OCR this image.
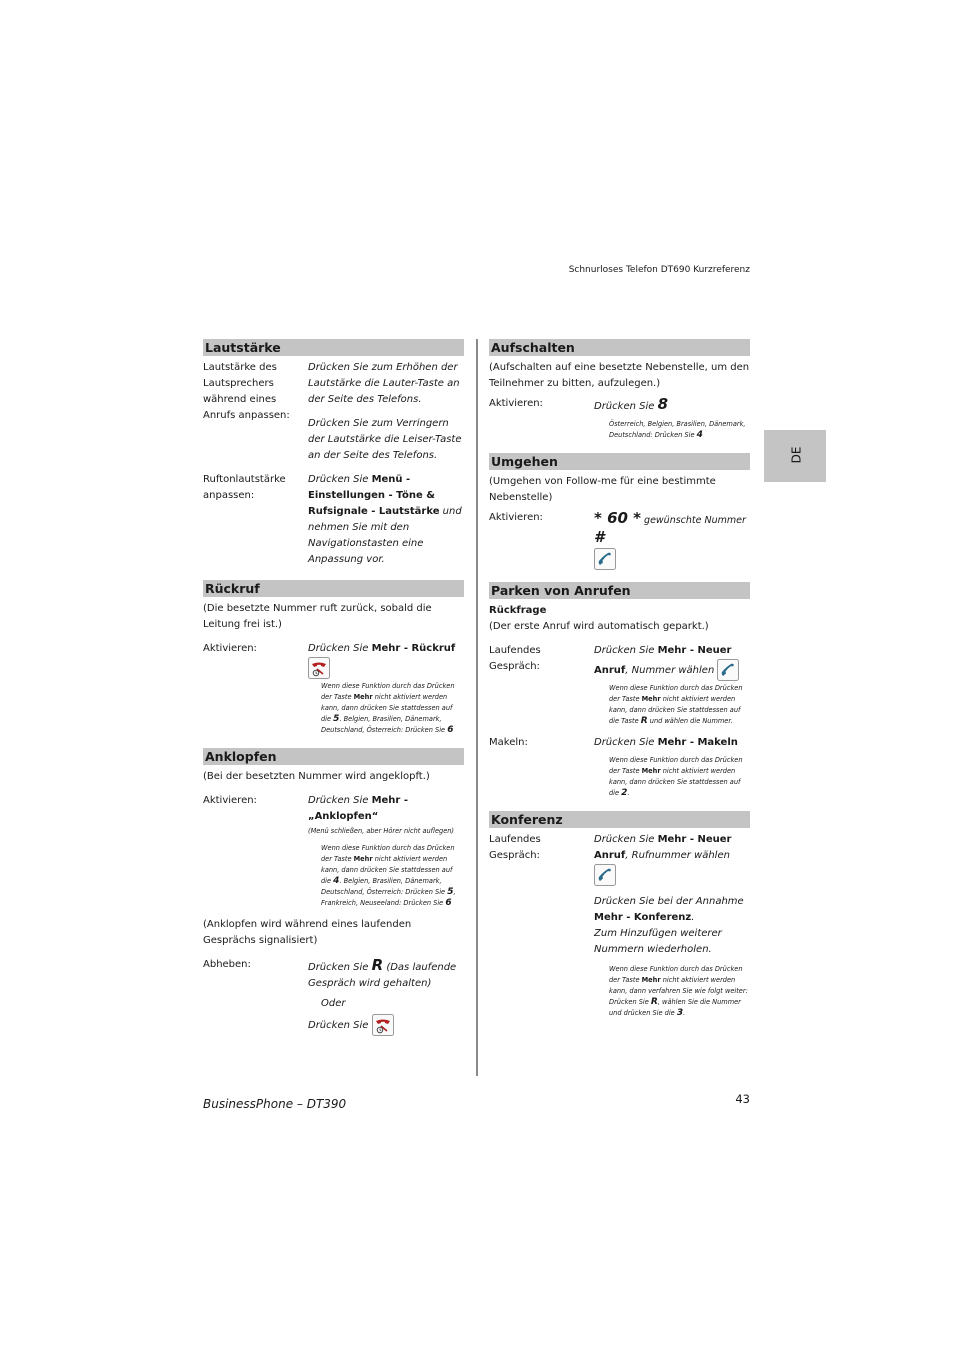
Schnurloses Telefon DT690 Kurzreferenz
DE
Lautstärke
Lautstärke des Lautsprechers während eines Anrufs anpassen:
Drücken Sie zum Erhöhen der Lautstärke die Lauter-Taste an der Seite des Telefons.
Drücken Sie zum Verringern der Lautstärke die Leiser-Taste an der Seite des Telefons.
Ruftonlautstärke anpassen:
Drücken Sie Menü - Einstellungen - Töne & Rufsignale - Lautstärke und nehmen Sie mit den Navigationstasten eine Anpassung vor.
Rückruf
(Die besetzte Nummer ruft zurück, sobald die Leitung frei ist.)
Aktivieren:	Drücken Sie Mehr - Rückruf
Wenn diese Funktion durch das Drücken der Taste Mehr nicht aktiviert werden kann, dann drücken Sie stattdessen auf die 5. Belgien, Brasilien, Dänemark, Deutschland, Österreich: Drücken Sie 6
Anklopfen
(Bei der besetzten Nummer wird angeklopft.)
Aktivieren:	Drücken Sie Mehr - „Anklopfen“
(Menü schließen, aber Hörer nicht auflegen)
Wenn diese Funktion durch das Drücken der Taste Mehr nicht aktiviert werden kann, dann drücken Sie stattdessen auf die 4. Belgien, Brasilien, Dänemark, Deutschland, Österreich: Drücken Sie 5, Frankreich, Neuseeland: Drücken Sie 6
(Anklopfen wird während eines laufenden Gesprächs signalisiert)
Abheben:	Drücken Sie R (Das laufende Gespräch wird gehalten)
Oder
Drücken Sie
Aufschalten
(Aufschalten auf eine besetzte Nebenstelle, um den Teilnehmer zu bitten, aufzulegen.)
Aktivieren:	Drücken Sie 8
Österreich, Belgien, Brasilien, Dänemark, Deutschland: Drücken Sie 4
Umgehen
(Umgehen von Follow-me für eine bestimmte Nebenstelle)
Aktivieren:	* 60 * gewünschte Nummer #
Parken von Anrufen
Rückfrage
(Der erste Anruf wird automatisch geparkt.)
Laufendes Gespräch:
Drücken Sie Mehr - Neuer Anruf, Nummer wählen
Wenn diese Funktion durch das Drücken der Taste Mehr nicht aktiviert werden kann, dann drücken Sie stattdessen auf die Taste R und wählen die Nummer.
Makeln:	Drücken Sie Mehr - Makeln
Wenn diese Funktion durch das Drücken der Taste Mehr nicht aktiviert werden kann, dann drücken Sie stattdessen auf die 2.
Konferenz
Laufendes Gespräch:
Drücken Sie Mehr - Neuer Anruf, Rufnummer wählen
Drücken Sie bei der Annahme Mehr - Konferenz.
Zum Hinzufügen weiterer Nummern wiederholen.
Wenn diese Funktion durch das Drücken der Taste Mehr nicht aktiviert werden kann, dann verfahren Sie wie folgt weiter: Drücken Sie R, wählen Sie die Nummer und drücken Sie die 3.
BusinessPhone – DT390	43
